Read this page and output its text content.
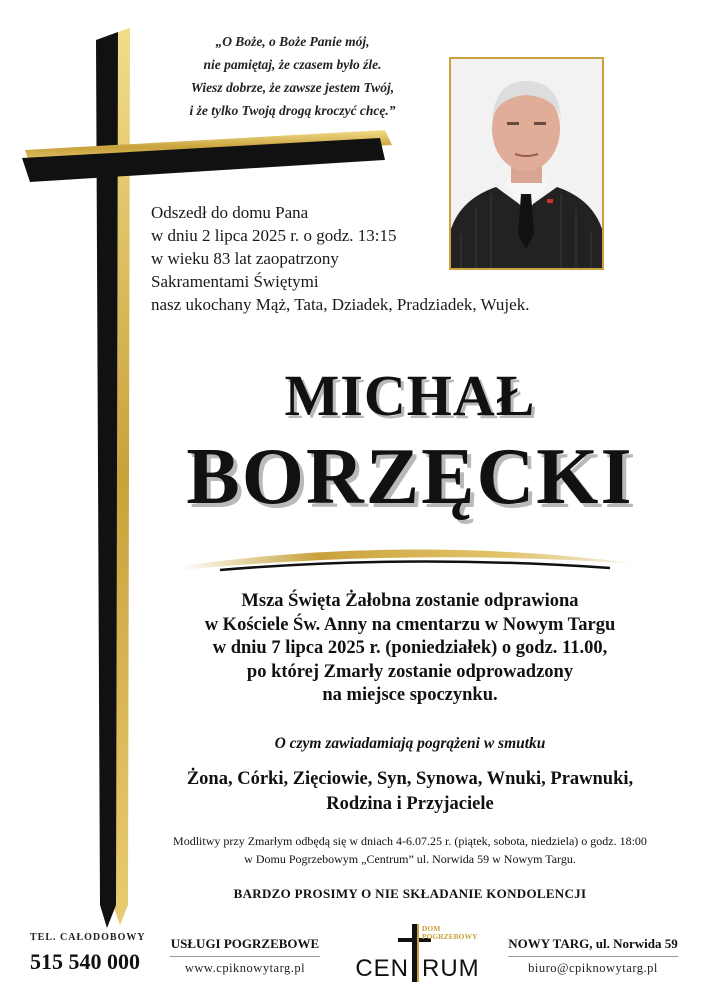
„O Boże, o Boże Panie mój,
nie pamiętaj, że czasem było źle.
Wiesz dobrze, że zawsze jestem Twój,
i że tylko Twoją drogą kroczyć chcę.”
Odszedł do domu Pana
w dniu 2 lipca 2025 r. o godz. 13:15
w wieku 83 lat zaopatrzony
Sakramentami Świętymi
nasz ukochany Mąż, Tata, Dziadek, Pradziadek, Wujek.
MICHAŁ
BORZĘCKI
Msza Święta Żałobna zostanie odprawiona
w Kościele Św. Anny na cmentarzu w Nowym Targu
w dniu 7 lipca 2025 r. (poniedziałek) o godz. 11.00,
po której Zmarły zostanie odprowadzony
na miejsce spoczynku.
O czym zawiadamiają pogrążeni w smutku
Żona, Córki, Zięciowie, Syn, Synowa, Wnuki, Prawnuki,
Rodzina i Przyjaciele
Modlitwy przy Zmarłym odbędą się w dniach 4-6.07.25 r. (piątek, sobota, niedziela) o godz. 18:00
w Domu Pogrzebowym „Centrum” ul. Norwida 59 w Nowym Targu.
BARDZO PROSIMY O NIE SKŁADANIE KONDOLENCJI
TEL. CAŁODOBOWY
515 540 000
USŁUGI POGRZEBOWE
www.cpiknowytarg.pl
DOM
POGRZEBOWY
CEN RUM
NOWY TARG, ul. Norwida 59
biuro@cpiknowytarg.pl
